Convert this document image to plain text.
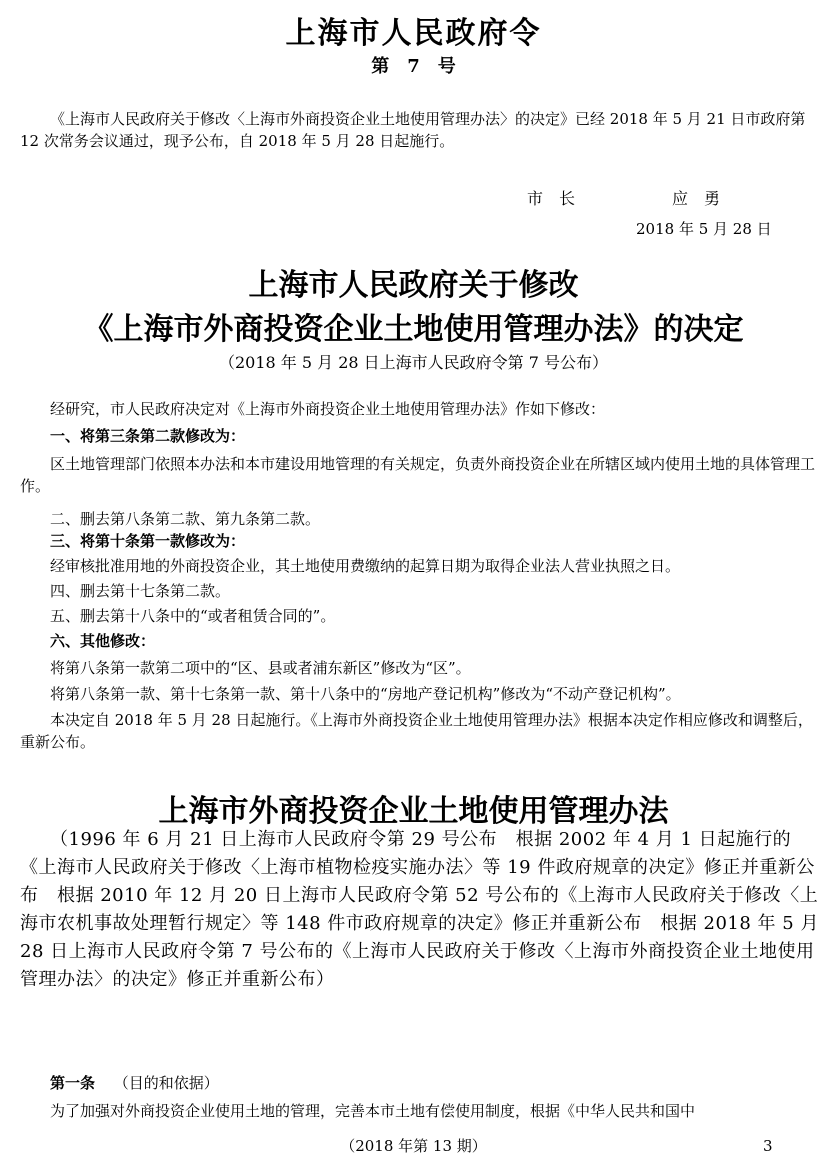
上海市人民政府令
第　7　号
《上海市人民政府关于修改〈上海市外商投资企业土地使用管理办法〉的决定》已经 2018 年 5 月 21 日市政府第 12 次常务会议通过，现予公布，自 2018 年 5 月 28 日起施行。
市　长	应　勇
2018 年 5 月 28 日
上海市人民政府关于修改
《上海市外商投资企业土地使用管理办法》的决定
（2018 年 5 月 28 日上海市人民政府令第 7 号公布）
经研究，市人民政府决定对《上海市外商投资企业土地使用管理办法》作如下修改：
一、将第三条第二款修改为：
区土地管理部门依照本办法和本市建设用地管理的有关规定，负责外商投资企业在所辖区域内使用土地的具体管理工作。
二、删去第八条第二款、第九条第二款。
三、将第十条第一款修改为：
经审核批准用地的外商投资企业，其土地使用费缴纳的起算日期为取得企业法人营业执照之日。
四、删去第十七条第二款。
五、删去第十八条中的“或者租赁合同的”。
六、其他修改：
将第八条第一款第二项中的“区、县或者浦东新区”修改为“区”。
将第八条第一款、第十七条第一款、第十八条中的“房地产登记机构”修改为“不动产登记机构”。
本决定自 2018 年 5 月 28 日起施行。《上海市外商投资企业土地使用管理办法》根据本决定作相应修改和调整后，重新公布。
上海市外商投资企业土地使用管理办法
（1996 年 6 月 21 日上海市人民政府令第 29 号公布　根据 2002 年 4 月 1 日起施行的《上海市人民政府关于修改〈上海市植物检疫实施办法〉等 19 件政府规章的决定》修正并重新公布　根据 2010 年 12 月 20 日上海市人民政府令第 52 号公布的《上海市人民政府关于修改〈上海市农机事故处理暂行规定〉等 148 件市政府规章的决定》修正并重新公布　根据 2018 年 5 月 28 日上海市人民政府令第 7 号公布的《上海市人民政府关于修改〈上海市外商投资企业土地使用管理办法〉的决定》修正并重新公布）
第一条 （目的和依据）
为了加强对外商投资企业使用土地的管理，完善本市土地有偿使用制度，根据《中华人民共和国中
（2018 年第 13 期）	3
